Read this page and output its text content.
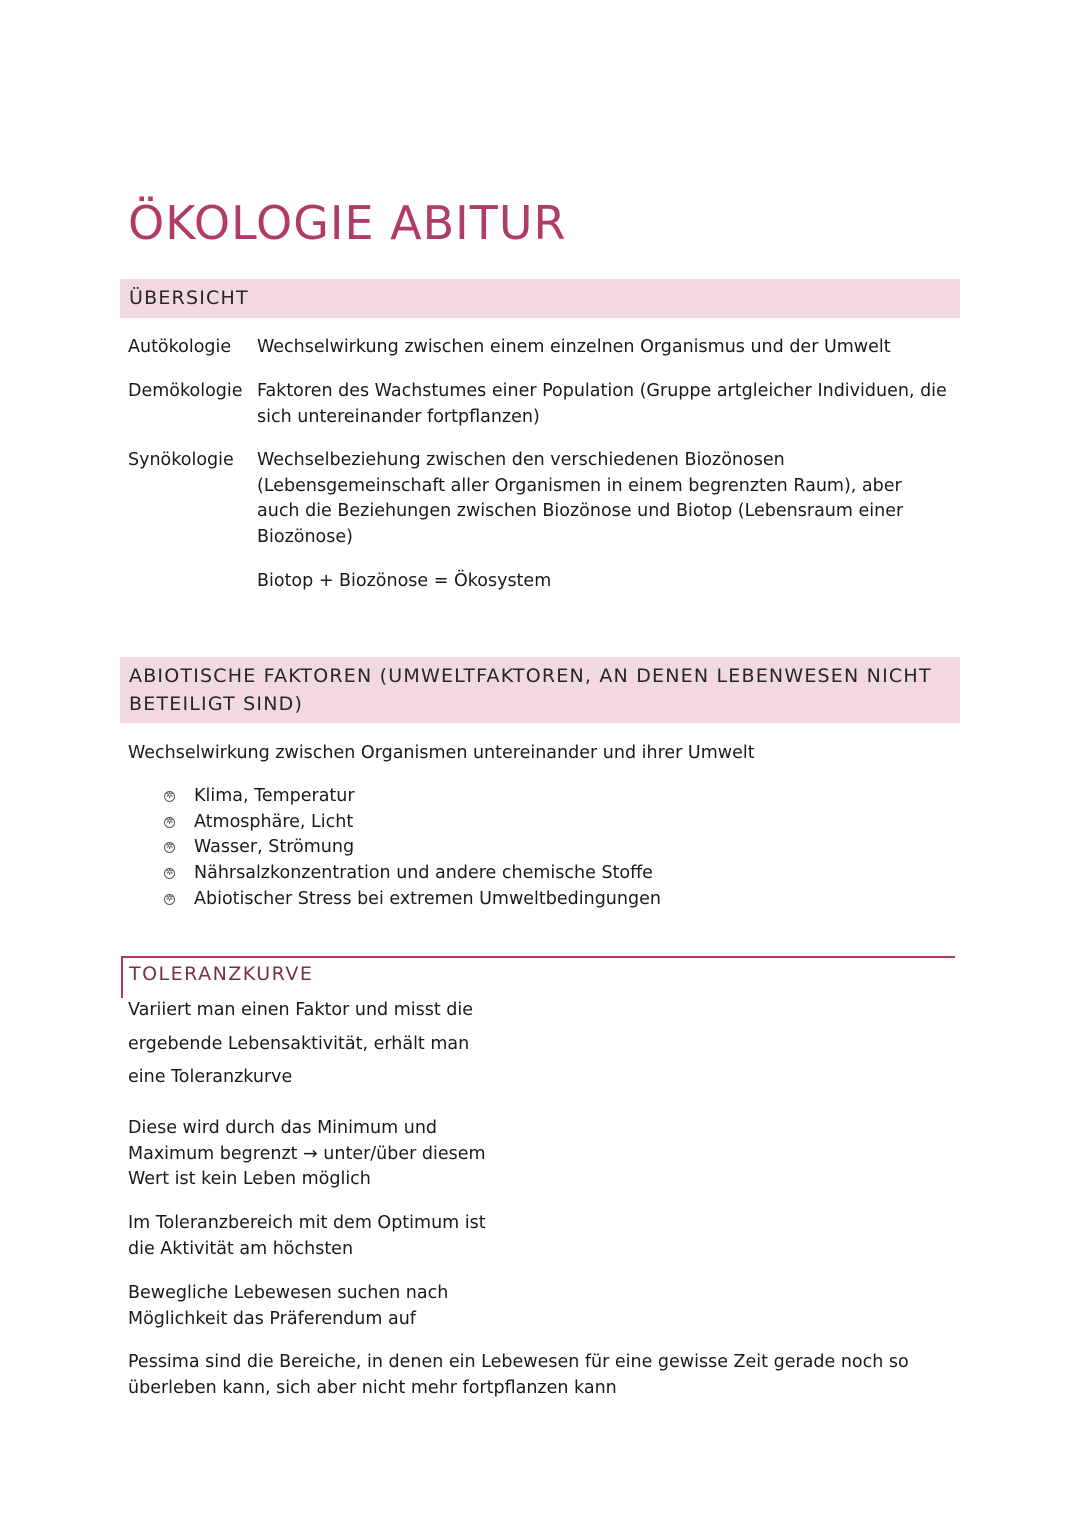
ÖKOLOGIE ABITUR
ÜBERSICHT
Autökologie Wechselwirkung zwischen einem einzelnen Organismus und der Umwelt
Demökologie Faktoren des Wachstumes einer Population (Gruppe artgleicher Individuen, die sich untereinander fortpflanzen)
Synökologie Wechselbeziehung zwischen den verschiedenen Biozönosen (Lebensgemeinschaft aller Organismen in einem begrenzten Raum), aber auch die Beziehungen zwischen Biozönose und Biotop (Lebensraum einer Biozönose)
Biotop + Biozönose = Ökosystem
ABIOTISCHE FAKTOREN (UMWELTFAKTOREN, AN DENEN LEBENWESEN NICHT BETEILIGT SIND)
Wechselwirkung zwischen Organismen untereinander und ihrer Umwelt
✲ Klima, Temperatur
✲ Atmosphäre, Licht
✲ Wasser, Strömung
✲ Nährsalzkonzentration und andere chemische Stoffe
✲ Abiotischer Stress bei extremen Umweltbedingungen
TOLERANZKURVE
Variiert man einen Faktor und misst die ergebende Lebensaktivität, erhält man eine Toleranzkurve
Diese wird durch das Minimum und Maximum begrenzt → unter/über diesem Wert ist kein Leben möglich
Im Toleranzbereich mit dem Optimum ist die Aktivität am höchsten
Bewegliche Lebewesen suchen nach Möglichkeit das Präferendum auf
Pessima sind die Bereiche, in denen ein Lebewesen für eine gewisse Zeit gerade noch so überleben kann, sich aber nicht mehr fortpflanzen kann
